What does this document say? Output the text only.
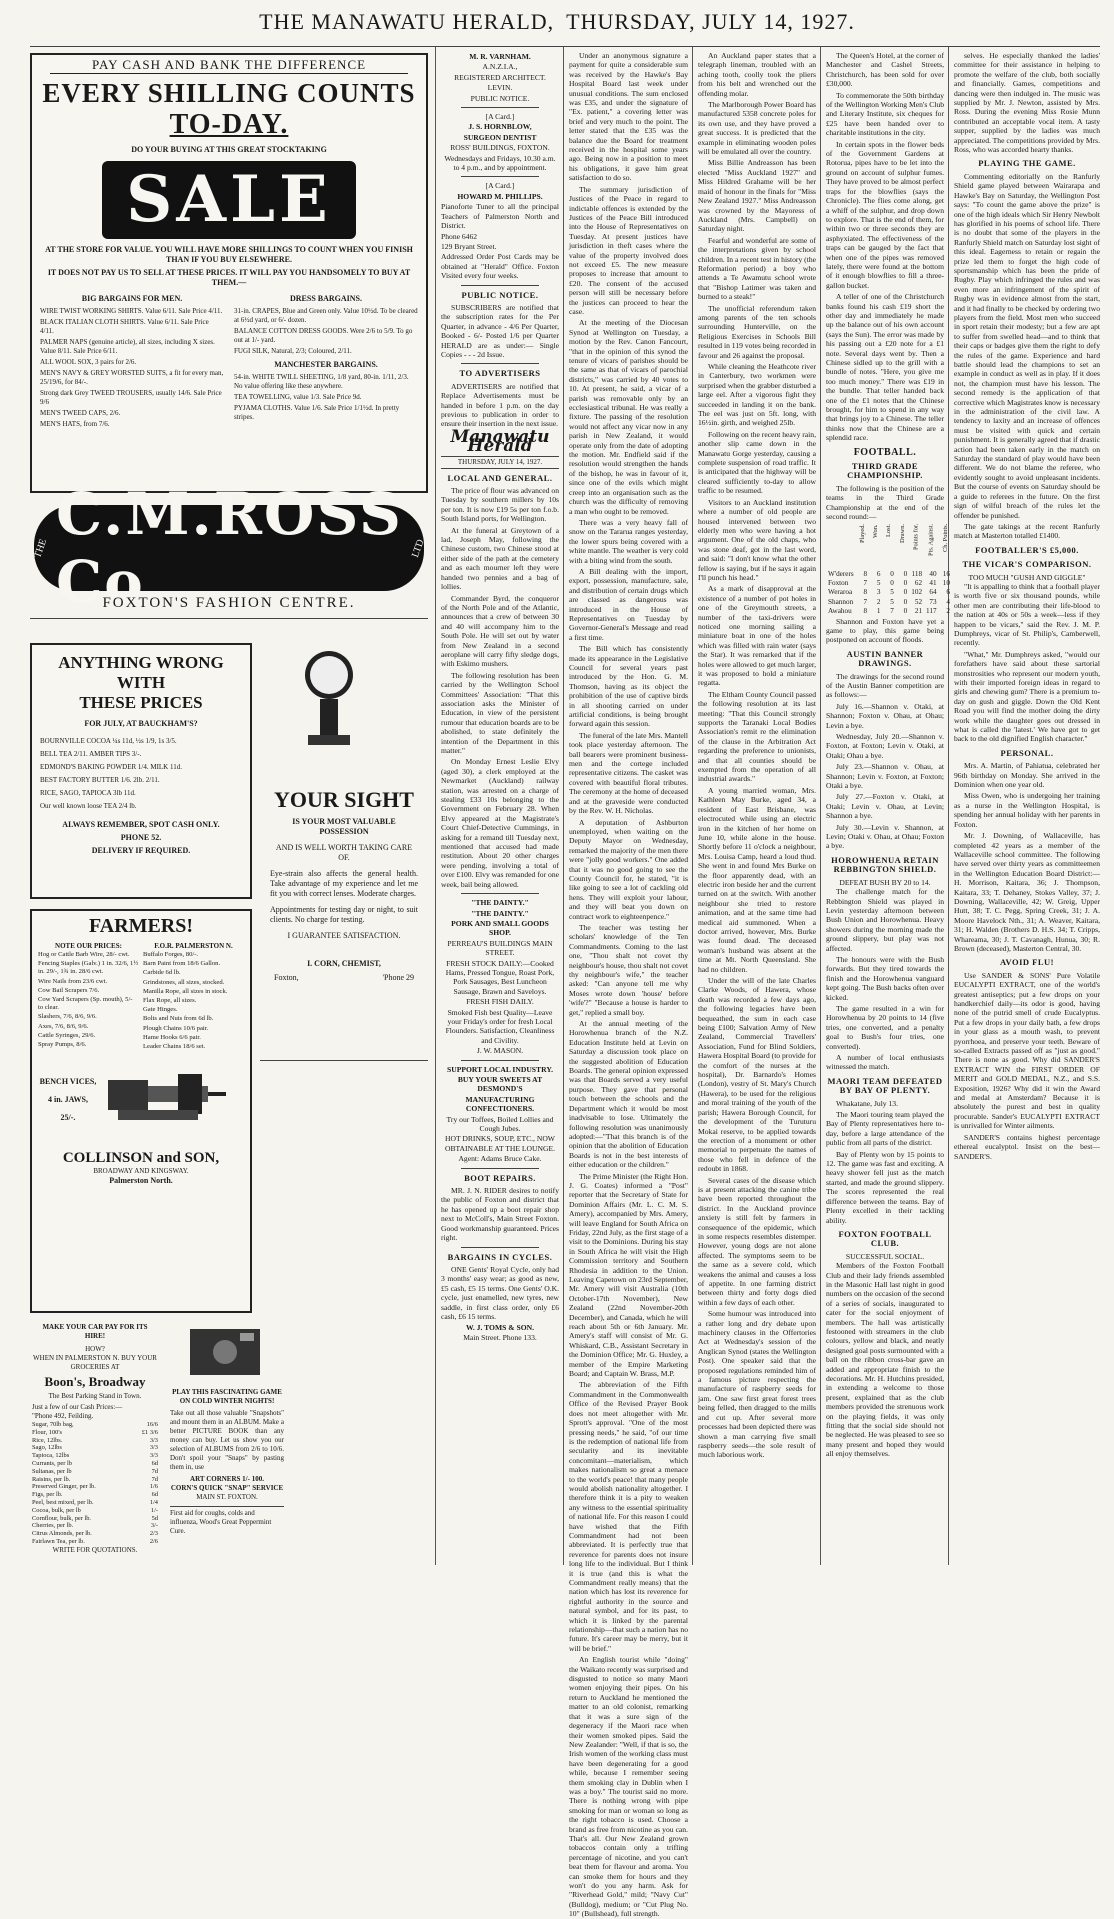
THE MANAWATU HERALD, THURSDAY, JULY 14, 1927.
PAY CASH AND BANK THE DIFFERENCE
EVERY SHILLING COUNTS
TO-DAY.
DO YOUR BUYING AT THIS GREAT STOCKTAKING
SALE
AT THE STORE FOR VALUE. YOU WILL HAVE MORE SHILLINGS TO COUNT WHEN YOU FINISH THAN IF YOU BUY ELSEWHERE.
IT DOES NOT PAY US TO SELL AT THESE PRICES. IT WILL PAY YOU HANDSOMELY TO BUY AT THEM.—
BIG BARGAINS FOR MEN.
WIRE TWIST WORKING SHIRTS. Value 6/11. Sale Price 4/11.
BLACK ITALIAN CLOTH SHIRTS. Value 6/11. Sale Price 4/11.
PALMER NAPS (genuine article), all sizes, including X sizes. Value 8/11. Sale Price 6/11.
ALL WOOL SOX, 3 pairs for 2/6.
MEN'S NAVY & GREY WORSTED SUITS, a fit for every man, 25/19/6, for 84/-.
Strong dark Grey TWEED TROUSERS, usually 14/6. Sale Price 9/6
MEN'S TWEED CAPS, 2/6.
MEN'S HATS, from 7/6.
DRESS BARGAINS.
31-in. CRAPES, Blue and Green only. Value 10½d. To be cleared at 6½d yard, or 6/- dozen.
BALANCE COTTON DRESS GOODS. Were 2/6 to 5/9. To go out at 1/- yard.
FUGI SILK, Natural, 2/3; Coloured, 2/11.
MANCHESTER BARGAINS.
54-in. WHITE TWILL SHEETING, 1/8 yard, 80-in. 1/11, 2/3. No value offering like these anywhere.
TEA TOWELLING, value 1/3. Sale Price 9d.
PYJAMA CLOTHS. Value 1/6. Sale Price 1/1½d. In pretty stripes.
THE C.M.ROSS Co	LTD
FOXTON'S FASHION CENTRE.
ANYTHING WRONG WITH
THESE PRICES
FOR JULY, AT BAUCKHAM'S?
BOURNVILLE COCOA ¼s 11d, ½s 1/9, 1s 3/5.
BELL TEA 2/11. AMBER TIPS 3/-.
EDMOND'S BAKING POWDER 1/4. MILK 11d.
BEST FACTORY BUTTER 1/6. 2lb. 2/11.
RICE, SAGO, TAPIOCA 3lb 11d.
Our well known loose TEA 2/4 lb.
ALWAYS REMEMBER, SPOT CASH ONLY.
PHONE 52.
DELIVERY IF REQUIRED.
YOUR SIGHT
IS YOUR MOST VALUABLE POSSESSION
AND IS WELL WORTH TAKING CARE OF.
Eye-strain also affects the general health. Take advantage of my experience and let me fit you with correct lenses. Moderate charges.
Appointments for testing day or night, to suit clients. No charge for testing.
I GUARANTEE SATISFACTION.
I. CORN, CHEMIST,
Foxton,	'Phone 29
FARMERS!
NOTE OUR PRICES:
Hog or Cattle Barb Wire, 28/- cwt.
Fencing Staples (Galv.) 1 in. 32/6, 1½ in. 29/-, 1¾ in. 28/6 cwt.
Wire Nails from 23/6 cwt.
Cow Bail Scrapers 7/6.
Cow Yard Scrapers (Sp. mouth), 5/- to clear.
Slashers, 7/6, 8/6, 9/6.
Axes, 7/6, 8/6, 9/6.
Cattle Syringes, 29/6.
Spray Pumps, 8/6.
F.O.R. PALMERSTON N.
Buffalo Forges, 80/-.
Barn Paint from 18/6 Gallon.
Carbide 6d lb.
Grindstones, all sizes, stocked.
Manilla Rope, all sizes in stock.
Flax Rope, all sizes.
Gate Hinges.
Bolts and Nuts from 6d lb.
Plough Chains 10/6 pair.
Hame Hooks 6/6 pair.
Leader Chains 18/6 set.
BENCH VICES,
4 in. JAWS,
25/-.
COLLINSON and SON,
BROADWAY AND KINGSWAY.
Palmerston North.
MAKE YOUR CAR PAY FOR ITS HIRE!
HOW?
WHEN IN PALMERSTON N. BUY YOUR GROCERIES AT
Boon's, Broadway
The Best Parking Stand in Town.
Just a few of our Cash Prices:—
"Phone 492, Feilding.
Sugar, 70lb bag,	16/6
Flour, 100's	£1 3/6
Rice, 12lbs.	3/3
Sago, 12lbs	3/3
Tapioca, 12lbs	3/3
Currants, per lb	6d
Sultanas, per lb	7d
Raisins, per lb.	7d
Preserved Ginger, per lb.	1/6
Figs, per lb.	6d
Peel, best mixed, per lb.	1/4
Cocoa, bulk, per lb	1/-
Cornflour, bulk, per lb.	5d
Cherries, per lb.	3/-
Citrus Almonds, per lb.	2/3
Fairlawn Tea, per lb.	2/6
WRITE FOR QUOTATIONS.
PLAY THIS FASCINATING GAME ON COLD WINTER NIGHTS!
Take out all those valuable "Snapshots" and mount them in an ALBUM. Make a better PICTURE BOOK than any money can buy. Let us show you our selection of ALBUMS from 2/6 to 10/6. Don't spoil your "Snaps" by pasting them in, use
ART CORNERS 1/- 100.
CORN'S QUICK "SNAP" SERVICE
MAIN ST. FOXTON.
First aid for coughs, colds and influenza, Wood's Great Peppermint Cure.
M. R. VARNHAM.
A.N.Z.I.A.,
REGISTERED ARCHITECT.
LEVIN.
PUBLIC NOTICE.
[A Card.]
J. S. HORNBLOW,
SURGEON DENTIST
ROSS' BUILDINGS, FOXTON.
Wednesdays and Fridays, 10.30 a.m. to 4 p.m., and by appointment.
[A Card.]
HOWARD M. PHILLIPS.
Pianoforte Tuner to all the principal Teachers of Palmerston North and District.
Phone 6462
129 Bryant Street.
Addressed Order Post Cards may be obtained at "Herald" Office. Foxton Visited every four weeks.
PUBLIC NOTICE.

SUBSCRIBERS are notified that the subscription rates for the Per Quarter, in advance - 4/6 Per Quarter, Booked - 6/- Posted 1/6 per Quarter HERALD are as under:— Single Copies - - - 2d Issue.

TO ADVERTISERS

ADVERTISERS are notified that Replace Advertisements must be handed in before 1 p.m. on the day previous to publication in order to ensure their insertion in the next issue.

Manawatu Herald
THURSDAY, JULY 14, 1927.
LOCAL AND GENERAL.

The price of flour was advanced on Tuesday by southern millers by 10s per ton. It is now £19 5s per ton f.o.b. South Island ports, for Wellington.

At the funeral at Greytown of a lad, Joseph May, following the Chinese custom, two Chinese stood at either side of the path at the cemetery and as each mourner left they were handed two pennies and a bag of lollies.

Commander Byrd, the conqueror of the North Pole and of the Atlantic, announces that a crew of between 30 and 40 will accompany him to the South Pole. He will set out by water from New Zealand in a second aeroplane will carry fifty sledge dogs, with Eskimo mushers.

The following resolution has been carried by the Wellington School Committees' Association: "That this association asks the Minister of Education, in view of the persistent rumour that education boards are to be abolished, to state definitely the intention of the Department in this matter."

On Monday Ernest Leslie Elvy (aged 30), a clerk employed at the Newmarket (Auckland) railway station, was arrested on a charge of stealing £33 10s belonging to the Government on February 28. When Elvy appeared at the Magistrate's Court Chief-Detective Cummings, in asking for a remand till Tuesday next, mentioned that accused had made restitution. About 20 other charges were pending, involving a total of over £100. Elvy was remanded for one week, bail being allowed.

"THE DAINTY."
"THE DAINTY."
PORK AND SMALL GOODS SHOP.
PERREAU'S BUILDINGS MAIN STREET.
FRESH STOCK DAILY:—Cooked Hams, Pressed Tongue, Roast Pork, Pork Sausages, Best Luncheon Sausage, Brawn and Saveloys.
FRESH FISH DAILY.
Smoked Fish best Quality—Leave your Friday's order for fresh Local Flounders. Satisfaction, Cleanliness and Civility.
J. W. MASON.
SUPPORT LOCAL INDUSTRY.
BUY YOUR SWEETS AT DESMOND'S
MANUFACTURING CONFECTIONERS.
Try our Toffees, Boiled Lollies and Cough Jubes.
HOT DRINKS, SOUP, ETC., NOW OBTAINABLE AT THE LOUNGE.
Agent: Adams Bruce Cake.
BOOT REPAIRS.

MR. J. N. RIDER desires to notify the public of Foxton and district that he has opened up a boot repair shop next to McColl's, Main Street Foxton. Good workmanship guaranteed. Prices right.

BARGAINS IN CYCLES.

ONE Gents' Royal Cycle, only had 3 months' easy wear; as good as new, £5 cash, £5 15 terms. One Gents' O.K. cycle, just enamelled, new tyres, new saddle, in first class order, only £6 cash, £6 15 terms.

W. J. TOMS & SON.
Main Street. Phone 133.

Under an anonymous signature a payment for quite a considerable sum was received by the Hawke's Bay Hospital Board last week under unusual conditions. The sum enclosed was £35, and under the signature of "Ex. patient," a covering letter was brief and very much to the point. The letter stated that the £35 was the balance due the Board for treatment received in the hospital some years ago. Being now in a position to meet his obligations, it gave him great satisfaction to do so.

The summary jurisdiction of Justices of the Peace in regard to indictable offences is extended by the Justices of the Peace Bill introduced into the House of Representatives on Tuesday. At present justices have jurisdiction in theft cases where the value of the property involved does not exceed £5. The new measure proposes to increase that amount to £20. The consent of the accused person will still be necessary before the justices can proceed to hear the case.

At the meeting of the Diocesan Synod at Wellington on Tuesday, a motion by the Rev. Canon Fancourt, "that in the opinion of this synod the tenure of vicars of parishes should be the same as that of vicars of parochial districts," was carried by 40 votes to 10. At present, he said, a vicar of a parish was removable only by an ecclesiastical tribunal. He was really a fixture. The passing of the resolution would not affect any vicar now in any parish in New Zealand, it would operate only from the date of adopting the motion. Mr. Endfield said if the resolution would strengthen the hands of the bishop, he was in favour of it, since one of the evils which might creep into an organisation such as the church was the difficulty of removing a man who ought to be removed.

There was a very heavy fall of snow on the Tararua ranges yesterday, the lower spurs being covered with a white mantle. The weather is very cold with a biting wind from the south.

A Bill dealing with the import, export, possession, manufacture, sale, and distribution of certain drugs which are classed as dangerous was introduced in the House of Representatives on Tuesday by Governor-General's Message and read a first time.

The Bill which has consistently made its appearance in the Legislative Council for several years past introduced by the Hon. G. M. Thomson, having as its object the prohibition of the use of captive birds in all shooting carried on under artificial conditions, is being brought forward again this session.

The funeral of the late Mrs. Mantell took place yesterday afternoon. The ball bearers were prominent business-men and the cortege included representative citizens. The casket was covered with beautiful floral tributes. The ceremony at the home of deceased and at the graveside were conducted by the Rev. W. H. Nicholas.

A deputation of Ashburton unemployed, when waiting on the Deputy Mayor on Wednesday, remarked the majority of the men there were "jolly good workers." One added that it was no good going to see the County Council for, he stated, "it is like going to see a lot of cackling old hens. They will exploit your labour, and they will beat you down on contract work to eighteenpence."

The teacher was testing her scholars' knowledge of the Ten Commandments. Coming to the last one, "Thou shalt not covet thy neighbour's house, thou shalt not covet thy neighbour's wife," the teacher asked: "Can anyone tell me why Moses wrote down 'house' before 'wife'?" "Because a house is harder to get," replied a small boy.

At the annual meeting of the Horowhenua branch of the N.Z. Education Institute held at Levin on Saturday a discussion took place on the suggested abolition of Education Boards. The general opinion expressed was that Boards served a very useful purpose. They gave that personal touch between the schools and the Department which it would be most inadvisable to lose. Ultimately the following resolution was unanimously adopted:—"That this branch is of the opinion that the abolition of Education Boards is not in the best interests of either education or the children."

The Prime Minister (the Right Hon. J. G. Coates) informed a "Post" reporter that the Secretary of State for Dominion Affairs (Mr. L. C. M. S. Amery), accompanied by Mrs. Amery, will leave England for South Africa on Friday, 22nd July, as the first stage of a visit to the Dominions. During his stay in South Africa he will visit the High Commission territory and Southern Rhodesia in addition to the Union. Leaving Capetown on 23rd September, Mr. Amery will visit Australia (10th October-17th November), New Zealand (22nd November-20th December), and Canada, which he will reach about 5th or 6th January. Mr. Amery's staff will consist of Mr. G. Whiskard, C.B., Assistant Secretary in the Dominion Office; Mr. G. Huxley, a member of the Empire Marketing Board; and Captain W. Brass, M.P.

The abbreviation of the Fifth Commandment in the Commonwealth Office of the Revised Prayer Book does not meet altogether with Mr. Sprott's approval. "One of the most pressing needs," he said, "of our time is the redemption of national life from secularity and its inevitable concomitant—materialism, which makes nationalism so great a menace to the world's peace! that many people would abolish nationality altogether. I therefore think it is a pity to weaken any witness to the essential spirituality of national life. For this reason I could have wished that the Fifth Commandment had not been abbreviated. It is perfectly true that reverence for parents does not insure long life to the individual. But I think it is true (and this is what the Commandment really means) that the nation which has lost its reverence for rightful authority in the source and natural symbol, and for its past, to which it is linked by the parental relationship—that such a nation has no future. It's career may be merry, but it will be brief."

An English tourist while "doing" the Waikato recently was surprised and disgusted to notice so many Maori women enjoying their pipes. On his return to Auckland he mentioned the matter to an old colonist, remarking that it was a sure sign of the degeneracy if the Maori race when their women smoked pipes. Said the New Zealander: "Well, if that is so, the Irish women of the working class must have been degenerating for a good while, because I remember seeing them smoking clay in Dublin when I was a boy." The tourist said no more. There is nothing wrong with pipe smoking for man or woman so long as the right tobacco is used. Choose a brand as free from nicotine as you can. That's all. Our New Zealand grown tobaccos contain only a trifling percentage of nicotine, and you can't beat them for flavour and aroma. You can smoke them for hours and they won't do you any harm. Ask for "Riverhead Gold," mild; "Navy Cut" (Bulldog), medium; or "Cut Plug No. 10" (Bullshead), full strength.

An Auckland paper states that a telegraph lineman, troubled with an aching tooth, coolly took the pliers from his belt and wrenched out the offending molar.

The Marlborough Power Board has manufactured 5358 concrete poles for its own use, and they have proved a great success. It is predicted that the example in eliminating wooden poles will be emulated all over the country.

Miss Billie Andreasson has been elected "Miss Auckland 1927" and Miss Hildred Grahame will be her maid of honour in the finals for "Miss New Zealand 1927." Miss Andreasson was crowned by the Mayoress of Auckland (Mrs. Campbell) on Saturday night.

Fearful and wonderful are some of the interpretations given by school children. In a recent test in history (the Reformation period) a boy who attends a Te Awamutu school wrote that "Bishop Latimer was taken and burned to a steak!"

The unofficial referendum taken among parents of the ten schools surrounding Hunterville, on the Religious Exercises in Schools Bill resulted in 119 votes being recorded in favour and 26 against the proposal.

While cleaning the Heathcote river in Canterbury, two workmen were surprised when the grabber disturbed a large eel. After a vigorous fight they succeeded in landing it on the bank. The eel was just on 5ft. long, with 16½in. girth, and weighed 25lb.

Following on the recent heavy rain, another slip came down in the Manawatu Gorge yesterday, causing a complete suspension of road traffic. It is anticipated that the highway will be cleared sufficiently to-day to allow traffic to be resumed.

Visitors to an Auckland institution where a number of old people are housed intervened between two elderly men who were having a hot argument. One of the old chaps, who was stone deaf, got in the last word, and said: "I don't know what the other fellow is saying, but if he says it again I'll punch his head."

As a mark of disapproval at the existence of a number of pot holes in one of the Greymouth streets, a number of the taxi-drivers were noticed one morning sailing a miniature boat in one of the holes which was filled with rain water (says the Star). It was remarked that if the holes were allowed to get much larger, it was proposed to hold a miniature regatta.

The Eltham County Council passed the following resolution at its last meeting: "That this Council strongly supports the Taranaki Local Bodies Association's remit re the elimination of the clause in the Arbitration Act regarding the preference to unionists, and that all counties should be exempted from the operation of all industrial awards."

A young married woman, Mrs. Kathleen May Burke, aged 34, a resident of East Brisbane, was electrocuted while using an electric iron in the kitchen of her home on June 10, while alone in the house. Shortly before 11 o'clock a neighbour, Mrs. Louisa Camp, heard a loud thud. She went in and found Mrs Burke on the floor apparently dead, with an electric iron beside her and the current turned on at the switch. With another neighbour she tried to restore animation, and at the same time had medical aid summoned. When a doctor arrived, however, Mrs. Burke was found dead. The deceased woman's husband was absent at the time at Mt. North Queensland. She had no children.

Under the will of the late Charles Clarke Woods, of Hawera, whose death was recorded a few days ago, the following legacies have been bequeathed, the sum in each case being £100; Salvation Army of New Zealand, Commercial Travellers' Association, Fund for Blind Soldiers, Hawera Hospital Board (to provide for the comfort of the nurses at the hospital), Dr. Barnardo's Homes (London), vestry of St. Mary's Church (Hawera), to be used for the religious and moral training of the youth of the parish; Hawera Borough Council, for the development of the Turuturu Mokai reserve, to be applied towards the erection of a monument or other memorial to perpetuate the names of those who fell in defence of the redoubt in 1868.

Several cases of the disease which is at present attacking the canine tribe have been reported throughout the district. In the Auckland province anxiety is still felt by farmers in consequence of the epidemic, which in some respects resembles distemper. However, young dogs are not alone affected. The symptoms seem to be the same as a severe cold, which weakens the animal and causes a loss of appetite. In one farming district between thirty and forty dogs died within a few days of each other.

Some humour was introduced into a rather long and dry debate upon machinery clauses in the Offertories Act at Wednesday's session of the Anglican Synod (states the Wellington Post). One speaker said that the proposed regulations reminded him of a famous picture respecting the manufacture of raspberry seeds for jam. One saw first great forest trees being felled, then dragged to the mills and cut up. After several more processes had been depicted there was shown a man carrying five small raspberry seeds—the sole result of much laborious work.

The Queen's Hotel, at the corner of Manchester and Cashel Streets, Christchurch, has been sold for over £30,000.

To commemorate the 50th birthday of the Wellington Working Men's Club and Literary Institute, six cheques for £25 have been handed over to charitable institutions in the city.

In certain spots in the flower beds of the Government Gardens at Rotorua, pipes have to be let into the ground on account of sulphur fumes. They have proved to be almost perfect traps for the blowflies (says the Chronicle). The flies come along, get a whiff of the sulphur, and drop down to explore. That is the end of them, for within two or three seconds they are asphyxiated. The effectiveness of the traps can be gauged by the fact that when one of the pipes was removed lately, there were found at the bottom of it enough blowflies to fill a three-gallon bucket.

A teller of one of the Christchurch banks found his cash £19 short the other day and immediately he made up the balance out of his own account (says the Sun). The error was made by his passing out a £20 note for a £1 note. Several days went by. Then a Chinese sidled up to the grill with a bundle of notes. "Here, you give me too much money." There was £19 in the bundle. That teller handed back one of the £1 notes that the Chinese brought, for him to spend in any way that brings joy to a Chinese. The teller thinks now that the Chinese are a splendid race.

FOOTBALL.
THIRD GRADE CHAMPIONSHIP.

The following is the position of the teams in the Third Grade Championship at the end of the second round:—

	Played.	Won.	Lost.	Drawn.	Points for.	Pts. Against.	Ch. Points.
W'derers	8	6	0	0	118	40	16
Foxton	7	5	0	0	62	41	10
Weraroa	8	3	5	0	102	64	6
Shannon	7	2	5	0	52	73	4
Awahou	8	1	7	0	21	117	2

Shannon and Foxton have yet a game to play, this game being postponed on account of floods.

AUSTIN BANNER DRAWINGS.

The drawings for the second round of the Austin Banner competition are as follows:—

July 16.—Shannon v. Otaki, at Shannon; Foxton v. Ohau, at Ohau; Levin a bye.

Wednesday, July 20.—Shannon v. Foxton, at Foxton; Levin v. Otaki, at Otaki; Ohau a bye.

July 23.—Shannon v. Ohau, at Shannon; Levin v. Foxton, at Foxton; Otaki a bye.

July 27.—Foxton v. Otaki, at Otaki; Levin v. Ohau, at Levin; Shannon a bye.

July 30.—Levin v. Shannon, at Levin; Otaki v. Ohau, at Ohau; Foxton a bye.

HOROWHENUA RETAIN REBBINGTON SHIELD.
DEFEAT BUSH BY 20 to 14.

The challenge match for the Rebbington Shield was played in Levin yesterday afternoon between Bush Union and Horowhenua. Heavy showers during the morning made the ground slippery, but play was not affected.

The honours were with the Bush forwards. But they tired towards the finish and the Horowhenua vanguard kept going. The Bush backs often over kicked.

The game resulted in a win for Horowhenua by 20 points to 14 (five tries, one converted, and a penalty goal to Bush's four tries, one converted).

A number of local enthusiasts witnessed the match.

MAORI TEAM DEFEATED BY BAY OF PLENTY.

Whakatane, July 13.

The Maori touring team played the Bay of Plenty representatives here to-day, before a large attendance of the public from all parts of the district.

Bay of Plenty won by 15 points to 12. The game was fast and exciting. A heavy shower fell just as the match started, and made the ground slippery. The scores represented the real difference between the teams. Bay of Plenty excelled in their tackling ability.

FOXTON FOOTBALL CLUB.
SUCCESSFUL SOCIAL.

Members of the Foxton Football Club and their lady friends assembled in the Masonic Hall last night in good numbers on the occasion of the second of a series of socials, inaugurated to cater for the social enjoyment of members. The hall was artistically festooned with streamers in the club colours, yellow and black, and neatly designed goal posts surmounted with a ball on the ribbon cross-bar gave an added and appropriate finish to the decorations. Mr. H. Hutchins presided, in extending a welcome to those present, explained that as the club members provided the strenuous work on the playing fields, it was only fitting that the social side should not be neglected. He was pleased to see so many present and hoped they would all enjoy themselves.

selves. He especially thanked the ladies' committee for their assistance in helping to promote the welfare of the club, both socially and financially. Games, competitions and dancing were then indulged in. The music was supplied by Mr. J. Newton, assisted by Mrs. Ross. During the evening Miss Rosie Munn contributed an acceptable vocal item. A tasty supper, supplied by the ladies was much appreciated. The competitions provided by Mrs. Ross, who was accorded hearty thanks.

PLAYING THE GAME.

Commenting editorially on the Ranfurly Shield game played between Wairarapa and Hawke's Bay on Saturday, the Wellington Post says: "To count the game above the prize" is one of the high ideals which Sir Henry Newbolt has glorified in his poems of school life. There is no doubt that some of the players in the Ranfurly Shield match on Saturday lost sight of this ideal. Eagerness to retain or regain the prize led them to forget the high code of sportsmanship which has been the pride of Rugby. Play which infringed the rules and was even more an infringement of the spirit of Rugby was in evidence almost from the start, and it had finally to be checked by ordering two players from the field. Most men who succeed in sport retain their modesty; but a few are apt to suffer from swelled head—and to think that their caps or badges give them the right to defy the rules of the game. Experience and hard battle should lead the champions to set an example in conduct as well as in play. If it does not, the champion must have his lesson. The second remedy is the application of that corrective which Magistrates know is necessary in the administration of the civil law. A tendency to laxity and an increase of offences must be visited with quick and certain punishment. It is generally agreed that if drastic action had been taken early in the match on Saturday the standard of play would have been different. We do not blame the referee, who evidently sought to avoid unpleasant incidents. But the course of events on Saturday should be a guide to referees in the future. On the first sign of wilful breach of the rules let the offender be punished.

The gate takings at the recent Ranfurly match at Masterton totalled £1400.

FOOTBALLER'S £5,000.
THE VICAR'S COMPARISON.
TOO MUCH "GUSH AND GIGGLE"

"It is appalling to think that a football player is worth five or six thousand pounds, while other men are contributing their life-blood to the nation at 40s or 50s a week—less if they happen to be vicars," said the Rev. J. M. P. Dumphreys, vicar of St. Philip's, Camberwell, recently.

"What," Mr. Dumphreys asked, "would our forefathers have said about these sartorial monstrosities who represent our modern youth, with their imported foreign ideas in regard to girls and chewing gum? There is a premium to-day on gush and giggle. Down the Old Kent Road you will find the mother doing the dirty work while the daughter goes out dressed in what is called the 'latest.' We have got to get back to the old dignified English character."

PERSONAL.

Mrs. A. Martin, of Pahiatua, celebrated her 96th birthday on Monday. She arrived in the Dominion when one year old.

Miss Owen, who is undergoing her training as a nurse in the Wellington Hospital, is spending her annual holiday with her parents in Foxton.

Mr. J. Downing, of Wallaceville, has completed 42 years as a member of the Wallaceville school committee. The following have served over thirty years as committeemen in the Wellington Education Board District:—H. Morrison, Kaitara, 36; J. Thompson, Kaitara, 33; T. Dehaney, Stokes Valley, 37; J. Downing, Wallaceville, 42; W. Greig, Upper Hutt, 38; T. C. Pegg, Spring Creek, 31; J. A. Moore Havelock Nth., 31; A. Weaver, Kaitara, 31; H. Walden (Brothers D. H.S. 34; T. Cripps, Whareama, 30; J. T. Cavanagh, Hunua, 30; R. Brown (deceased), Masterton Central, 30.

AVOID FLU!

Use SANDER & SONS' Pure Volatile EUCALYPTI EXTRACT, one of the world's greatest antiseptics; put a few drops on your handkerchief daily—its odor is good, having none of the putrid smell of crude Eucalyptus. Put a few drops in your daily bath, a few drops in your glass as a mouth wash, to prevent pyorrhoea, and preserve your teeth. Beware of so-called Extracts passed off as "just as good." There is none as good. Why did SANDER'S EXTRACT WIN the FIRST ORDER OF MERIT and GOLD MEDAL, N.Z., and S.S. Exposition, 1926? Why did it win the Award and medal at Amsterdam? Because it is absolutely the purest and best in quality procurable. Sander's EUCALYPTI EXTRACT is unrivalled for Winter ailments.

SANDER'S contains highest percentage ethereal eucalyptol. Insist on the best—SANDER'S.
